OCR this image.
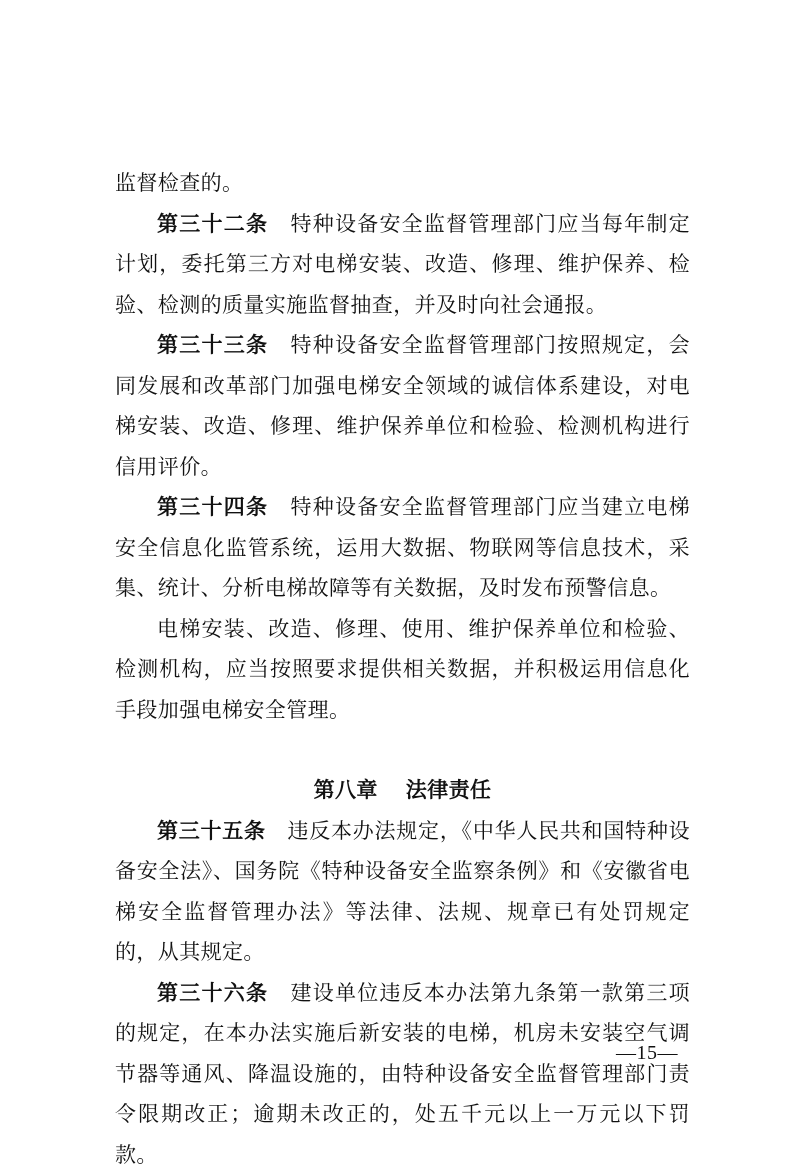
监督检查的。

第三十二条  特种设备安全监督管理部门应当每年制定计划，委托第三方对电梯安装、改造、修理、维护保养、检验、检测的质量实施监督抽查，并及时向社会通报。

第三十三条  特种设备安全监督管理部门按照规定，会同发展和改革部门加强电梯安全领域的诚信体系建设，对电梯安装、改造、修理、维护保养单位和检验、检测机构进行信用评价。

第三十四条  特种设备安全监督管理部门应当建立电梯安全信息化监管系统，运用大数据、物联网等信息技术，采集、统计、分析电梯故障等有关数据，及时发布预警信息。

电梯安装、改造、修理、使用、维护保养单位和检验、检测机构，应当按照要求提供相关数据，并积极运用信息化手段加强电梯安全管理。

第八章 法律责任

第三十五条  违反本办法规定，《中华人民共和国特种设备安全法》、国务院《特种设备安全监察条例》和《安徽省电梯安全监督管理办法》等法律、法规、规章已有处罚规定的，从其规定。

第三十六条  建设单位违反本办法第九条第一款第三项的规定，在本办法实施后新安装的电梯，机房未安装空气调节器等通风、降温设施的，由特种设备安全监督管理部门责令限期改正；逾期未改正的，处五千元以上一万元以下罚款。

—15—
